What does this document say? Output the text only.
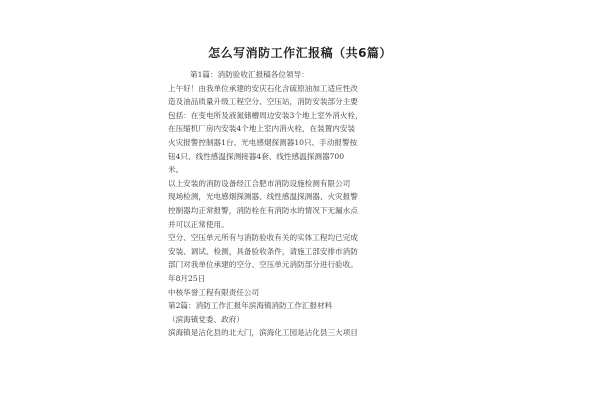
怎么写消防工作汇报稿（共6篇）
第1篇：消防验收汇报稿各位领导：
上午好！由我单位承建的安庆石化含硫原油加工适应性改
造及油品质量升级工程空分、空压站，消防安装部分主要
包括：在变电所及液氮储槽周边安装3个地上室外消火栓，
在压缩机厂房内安装4个地上室内消火栓，在装置内安装
火灾报警控制器1台、光电感烟探测器10只、手动报警按
钮4只、线性感温探测接器4套、线性感温探测器700
米。
以上安装的消防设备经江合肥市消防设施检测有限公司
现场检测，光电感烟探测器、线性感温探测器、火灾报警
控制器均正常报警，消防栓在有消防水的情况下无漏水点
并可以正常使用。
空分、空压单元所有与消防验收有关的实体工程均已完成
安装、调试、检测，具备验收条件，请施工部安排市消防
部门对我单位承建的空分、空压单元消防部分进行验收。
年8月25日
中核华誉工程有限责任公司
第2篇：消防工作汇报年滨海镇消防工作汇报材料
（滨海镇党委、政府）
滨海镇是沾化县的北大门，滨海化工园是沾化县三大项目
